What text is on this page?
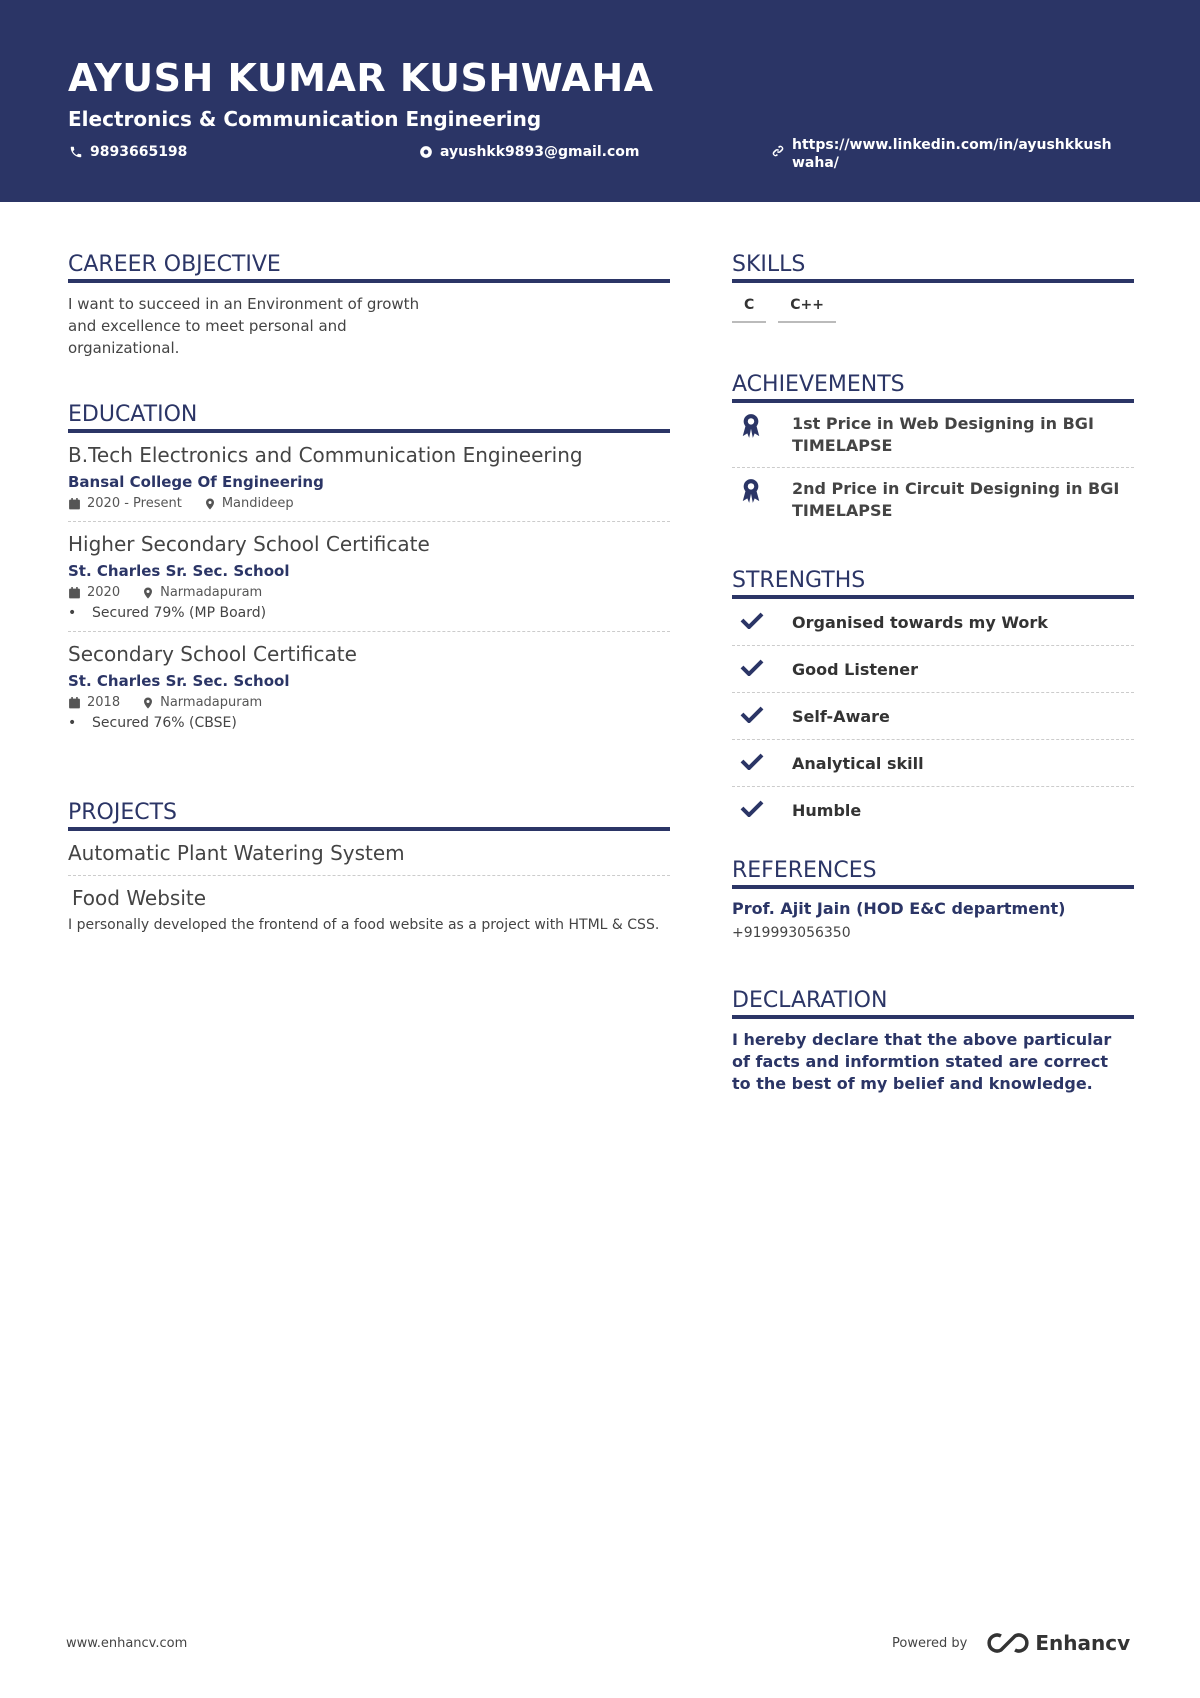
AYUSH KUMAR KUSHWAHA
Electronics & Communication Engineering
9893665198	ayushkk9893@gmail.com	https://www.linkedin.com/in/ayushkkush
waha/
CAREER OBJECTIVE
I want to succeed in an Environment of growth
and excellence to meet personal and
organizational.
EDUCATION
B.Tech Electronics and Communication Engineering
Bansal College Of Engineering
2020 - Present	Mandideep
Higher Secondary School Certificate
St. Charles Sr. Sec. School
2020	Narmadapuram
•	Secured 79% (MP Board)
Secondary School Certificate
St. Charles Sr. Sec. School
2018	Narmadapuram
•	Secured 76% (CBSE)
PROJECTS
Automatic Plant Watering System
Food Website
I personally developed the frontend of a food website as a project with HTML & CSS.
SKILLS
C	C++
ACHIEVEMENTS
1st Price in Web Designing in BGI
TIMELAPSE
2nd Price in Circuit Designing in BGI
TIMELAPSE
STRENGTHS
Organised towards my Work
Good Listener
Self-Aware
Analytical skill
Humble
REFERENCES
Prof. Ajit Jain (HOD E&C department)
+919993056350
DECLARATION
I hereby declare that the above particular
of facts and informtion stated are correct
to the best of my belief and knowledge.
www.enhancv.com	Powered by	Enhancv
